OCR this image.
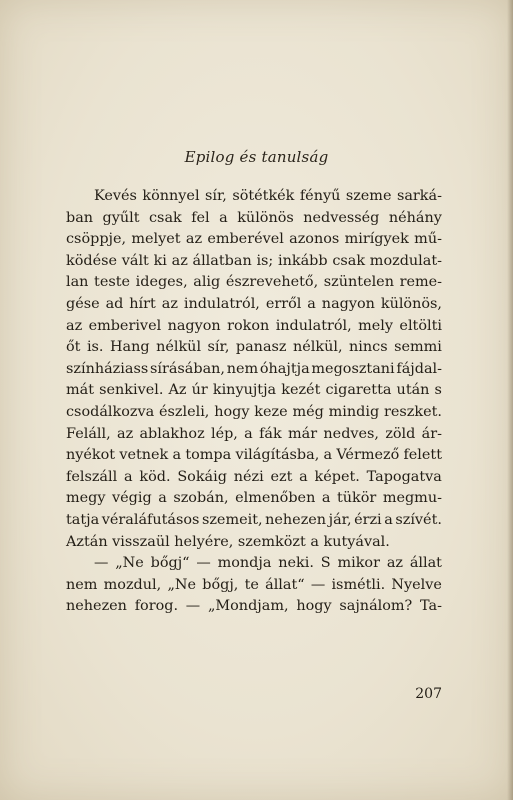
Epilog és tanulság
Kevés könnyel sír, sötétkék fényű szeme sarká-
ban gyűlt csak fel a különös nedvesség néhány
csöppje, melyet az emberével azonos mirígyek mű-
ködése vált ki az állatban is; inkább csak mozdulat-
lan teste ideges, alig észrevehető, szüntelen reme-
gése ad hírt az indulatról, erről a nagyon különös,
az emberivel nagyon rokon indulatról, mely eltölti
őt is. Hang nélkül sír, panasz nélkül, nincs semmi
színháziass sírásában, nem óhajtja megosztani fájdal-
mát senkivel. Az úr kinyujtja kezét cigaretta után s
csodálkozva észleli, hogy keze még mindig reszket.
Feláll, az ablakhoz lép, a fák már nedves, zöld ár-
nyékot vetnek a tompa világításba, a Vérmező felett
felszáll a köd. Sokáig nézi ezt a képet. Tapogatva
megy végig a szobán, elmenőben a tükör megmu-
tatja véraláfutásos szemeit, nehezen jár, érzi a szívét.
Aztán visszaül helyére, szemközt a kutyával.
— „Ne bőgj“ — mondja neki. S mikor az állat
nem mozdul, „Ne bőgj, te állat“ — ismétli. Nyelve
nehezen forog. — „Mondjam, hogy sajnálom? Ta-
207
